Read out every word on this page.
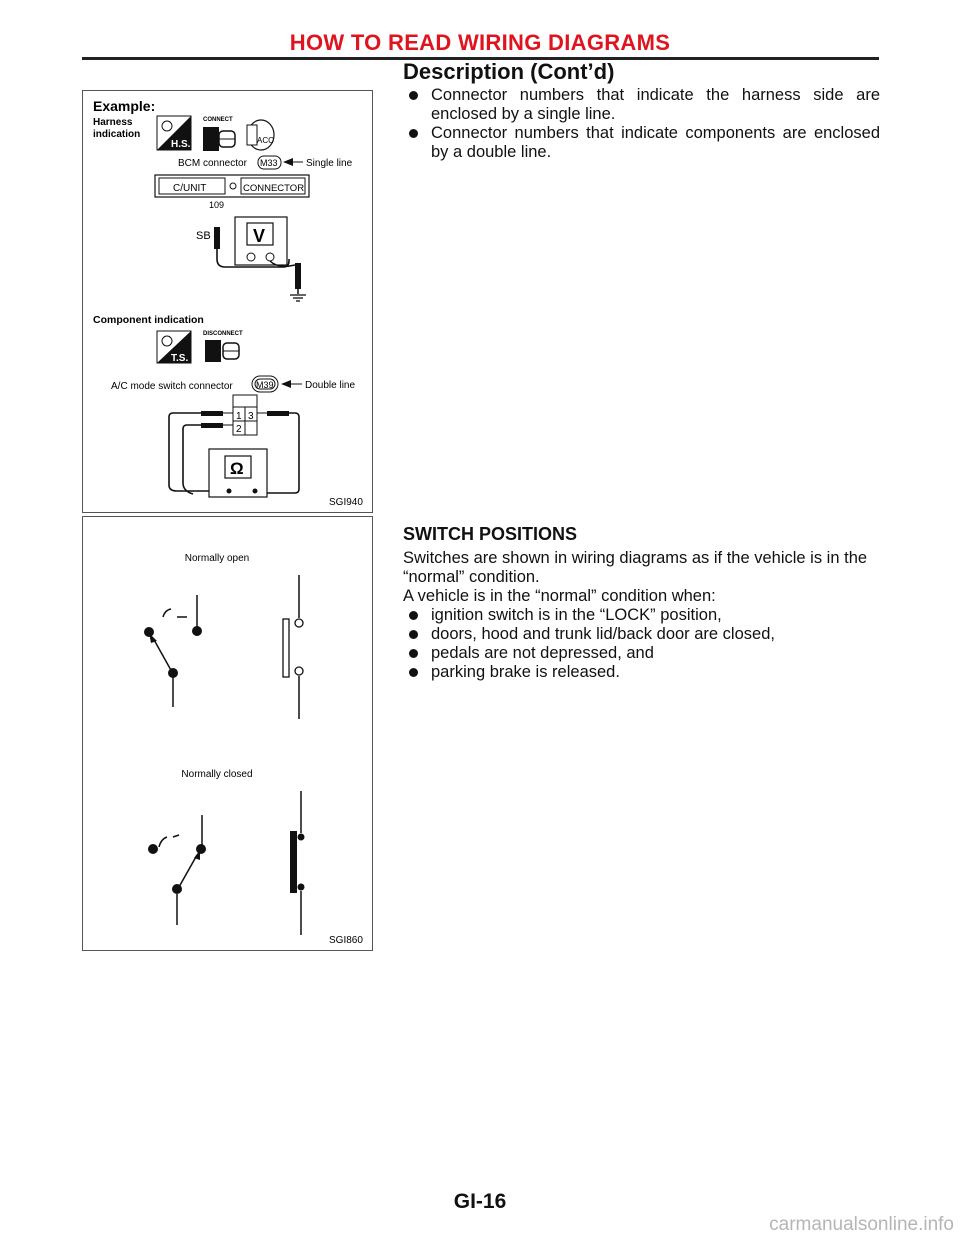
HOW TO READ WIRING DIAGRAMS
Description (Cont’d)
Example:
Harness
indication
H.S.
CONNECT
ACC
BCM connector M33	Single line
C/UNIT	CONNECTOR
109
SB V
Component indication
T.S.
DISCONNECT
A/C mode switch connector	M39	Double line
1 3
2
Ω
SGI940
Connector numbers that indicate the harness side are enclosed by a single line.
Connector numbers that indicate components are enclosed by a double line.
Normally open
Normally closed
SGI860
SWITCH POSITIONS

Switches are shown in wiring diagrams as if the vehicle is in the “normal” condition.

A vehicle is in the “normal” condition when:

ignition switch is in the “LOCK” position,
doors, hood and trunk lid/back door are closed,
pedals are not depressed, and
parking brake is released.
GI-16
carmanualsonline.info
